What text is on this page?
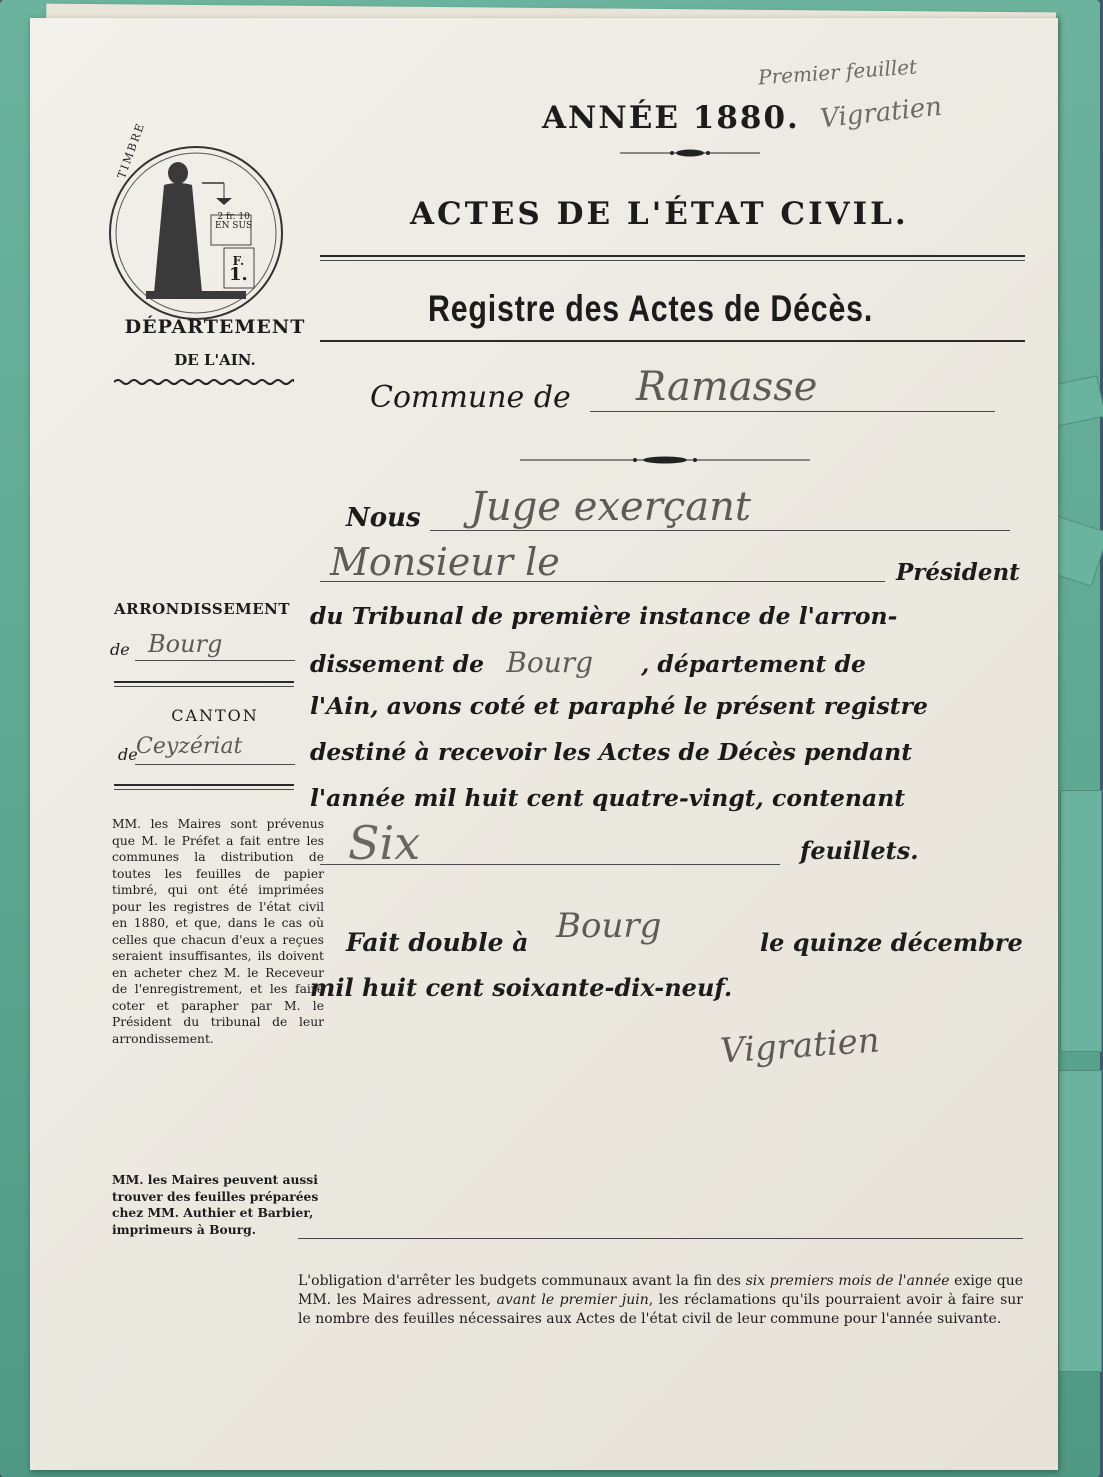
Premier feuillet
Vigratien
ANNÉE 1880.
ACTES DE L'ÉTAT CIVIL.
Registre des Actes de Décès.
Commune de Ramasse
TIMBRE
2 fr. 10
EN SUS
F.
1.
DÉPARTEMENT
DE L'AIN.
ARRONDISSEMENT
de Bourg
CANTON
de
Ceyzériat
MM. les Maires sont prévenus que M. le Préfet a fait entre les communes la distribution de toutes les feuilles de papier timbré, qui ont été imprimées pour les registres de l'état civil en 1880, et que, dans le cas où celles que chacun d'eux a reçues seraient insuffisantes, ils doivent en acheter chez M. le Receveur de l'enregistrement, et les faire coter et parapher par M. le Président du tribunal de leur arrondissement.
MM. les Maires peuvent aussi trouver des feuilles préparées chez MM. Authier et Barbier, imprimeurs à Bourg.
Nous Juge exerçant
Monsieur le	Président
du Tribunal de première instance de l'arron-
dissement de Bourg , département de
l'Ain, avons coté et paraphé le présent registre
destiné à recevoir les Actes de Décès pendant
l'année mil huit cent quatre-vingt, contenant
Six	feuillets.
Fait double à Bourg	le quinze décembre
mil huit cent soixante-dix-neuf.
Vigratien
L'obligation d'arrêter les budgets communaux avant la fin des six premiers mois de l'année exige que MM. les Maires adressent, avant le premier juin, les réclamations qu'ils pourraient avoir à faire sur le nombre des feuilles nécessaires aux Actes de l'état civil de leur commune pour l'année suivante.
